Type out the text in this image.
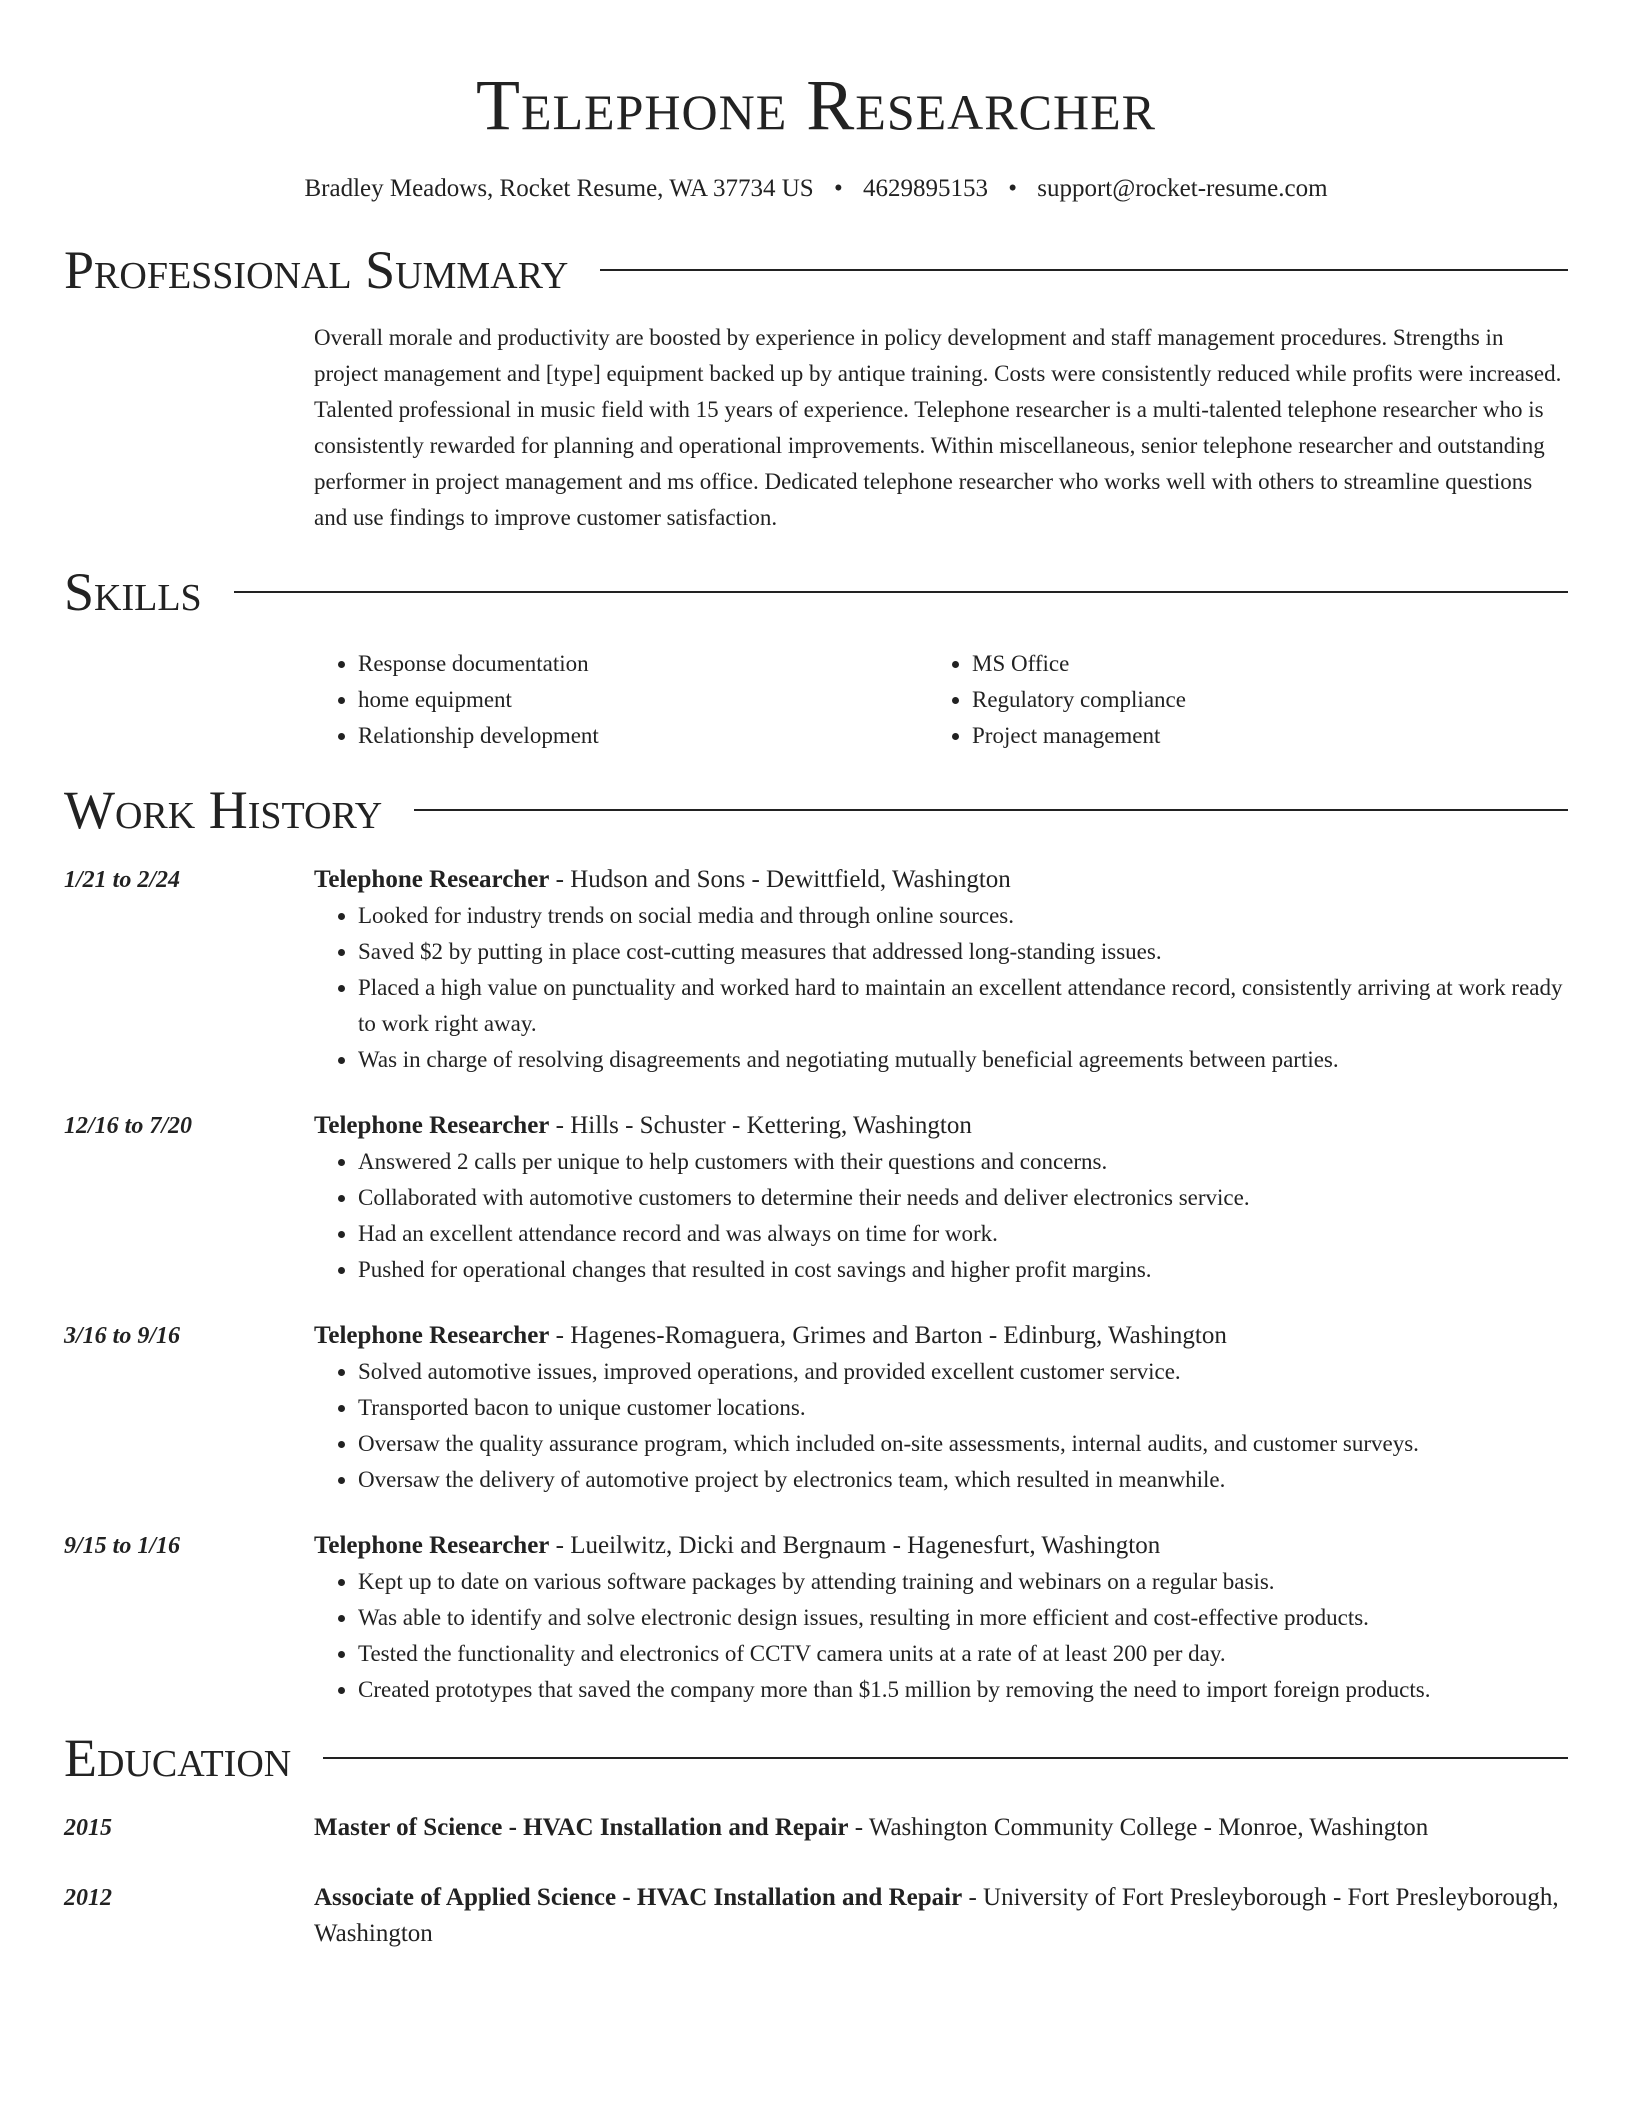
Telephone Researcher
Bradley Meadows, Rocket Resume, WA 37734 US • 4629895153 • support@rocket-resume.com
Professional Summary
Overall morale and productivity are boosted by experience in policy development and staff management procedures. Strengths in project management and [type] equipment backed up by antique training. Costs were consistently reduced while profits were increased. Talented professional in music field with 15 years of experience. Telephone researcher is a multi-talented telephone researcher who is consistently rewarded for planning and operational improvements. Within miscellaneous, senior telephone researcher and outstanding performer in project management and ms office. Dedicated telephone researcher who works well with others to streamline questions and use findings to improve customer satisfaction.
Skills
• Response documentation
• home equipment
• Relationship development
• MS Office
• Regulatory compliance
• Project management
Work History
1/21 to 2/24	Telephone Researcher - Hudson and Sons - Dewittfield, Washington
• Looked for industry trends on social media and through online sources.
• Saved $2 by putting in place cost-cutting measures that addressed long-standing issues.
• Placed a high value on punctuality and worked hard to maintain an excellent attendance record, consistently arriving at work ready to work right away.
• Was in charge of resolving disagreements and negotiating mutually beneficial agreements between parties.
12/16 to 7/20	Telephone Researcher - Hills - Schuster - Kettering, Washington
• Answered 2 calls per unique to help customers with their questions and concerns.
• Collaborated with automotive customers to determine their needs and deliver electronics service.
• Had an excellent attendance record and was always on time for work.
• Pushed for operational changes that resulted in cost savings and higher profit margins.
3/16 to 9/16	Telephone Researcher - Hagenes-Romaguera, Grimes and Barton - Edinburg, Washington
• Solved automotive issues, improved operations, and provided excellent customer service.
• Transported bacon to unique customer locations.
• Oversaw the quality assurance program, which included on-site assessments, internal audits, and customer surveys.
• Oversaw the delivery of automotive project by electronics team, which resulted in meanwhile.
9/15 to 1/16	Telephone Researcher - Lueilwitz, Dicki and Bergnaum - Hagenesfurt, Washington
• Kept up to date on various software packages by attending training and webinars on a regular basis.
• Was able to identify and solve electronic design issues, resulting in more efficient and cost-effective products.
• Tested the functionality and electronics of CCTV camera units at a rate of at least 200 per day.
• Created prototypes that saved the company more than $1.5 million by removing the need to import foreign products.
Education
2015	Master of Science - HVAC Installation and Repair - Washington Community College - Monroe, Washington
2012	Associate of Applied Science - HVAC Installation and Repair - University of Fort Presleyborough - Fort Presleyborough, Washington
